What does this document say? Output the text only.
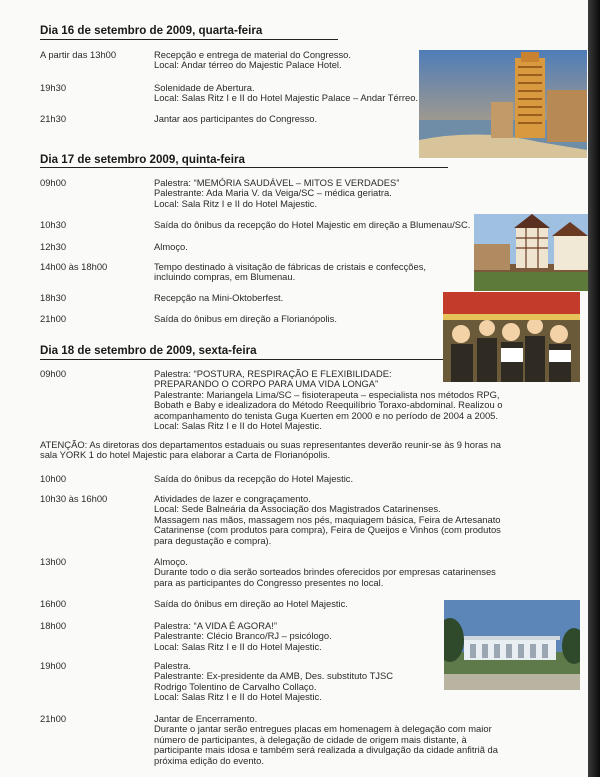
Dia 16 de setembro de 2009, quarta-feira
A partir das 13h00	Recepção e entrega de material do Congresso.
Local: Andar térreo do Majestic Palace Hotel.
19h30	Solenidade de Abertura.
Local: Salas Ritz I e II do Hotel Majestic Palace – Andar Térreo.
21h30	Jantar aos participantes do Congresso.
Dia 17 de setembro 2009, quinta-feira
09h00	Palestra: “MEMÓRIA SAUDÁVEL – MITOS E VERDADES”
Palestrante: Ada Maria V. da Veiga/SC – médica geriatra.
Local: Sala Ritz I e II do Hotel Majestic.
10h30	Saída do ônibus da recepção do Hotel Majestic em direção a Blumenau/SC.
12h30	Almoço.
14h00 às 18h00	Tempo destinado à visitação de fábricas de cristais e confecções,
incluindo compras, em Blumenau.
18h30	Recepção na Mini-Oktoberfest.
21h00	Saída do ônibus em direção a Florianópolis.
Dia 18 de setembro de 2009, sexta-feira
09h00	Palestra: “POSTURA, RESPIRAÇÃO E FLEXIBILIDADE:
PREPARANDO O CORPO PARA UMA VIDA LONGA”
Palestrante: Mariangela Lima/SC – fisioterapeuta – especialista nos métodos RPG,
Bobath e Baby e idealizadora do Método Reequilíbrio Toraxo-abdominal. Realizou o
acompanhamento do tenista Guga Kuerten em 2000 e no período de 2004 a 2005.
Local: Salas Ritz I e II do Hotel Majestic.
ATENÇÃO: As diretoras dos departamentos estaduais ou suas representantes deverão reunir-se às 9 horas na
sala YORK 1 do hotel Majestic para elaborar a Carta de Florianópolis.
10h00	Saída do ônibus da recepção do Hotel Majestic.
10h30 às 16h00	Atividades de lazer e congraçamento.
Local: Sede Balneária da Associação dos Magistrados Catarinenses.
Massagem nas mãos, massagem nos pés, maquiagem básica, Feira de Artesanato
Catarinense (com produtos para compra), Feira de Queijos e Vinhos (com produtos
para degustação e compra).
13h00	Almoço.
Durante todo o dia serão sorteados brindes oferecidos por empresas catarinenses
para as participantes do Congresso presentes no local.
16h00	Saída do ônibus em direção ao Hotel Majestic.
18h00	Palestra: “A VIDA É AGORA!”
Palestrante: Clécio Branco/RJ – psicólogo.
Local: Salas Ritz I e II do Hotel Majestic.
19h00	Palestra.
Palestrante: Ex-presidente da AMB, Des. substituto TJSC
Rodrigo Tolentino de Carvalho Collaço.
Local: Salas Ritz I e II do Hotel Majestic.
21h00	Jantar de Encerramento.
Durante o jantar serão entregues placas em homenagem à delegação com maior
número de participantes, à delegação de cidade de origem mais distante, à
participante mais idosa e também será realizada a divulgação da cidade anfitriã da
próxima edição do evento.
